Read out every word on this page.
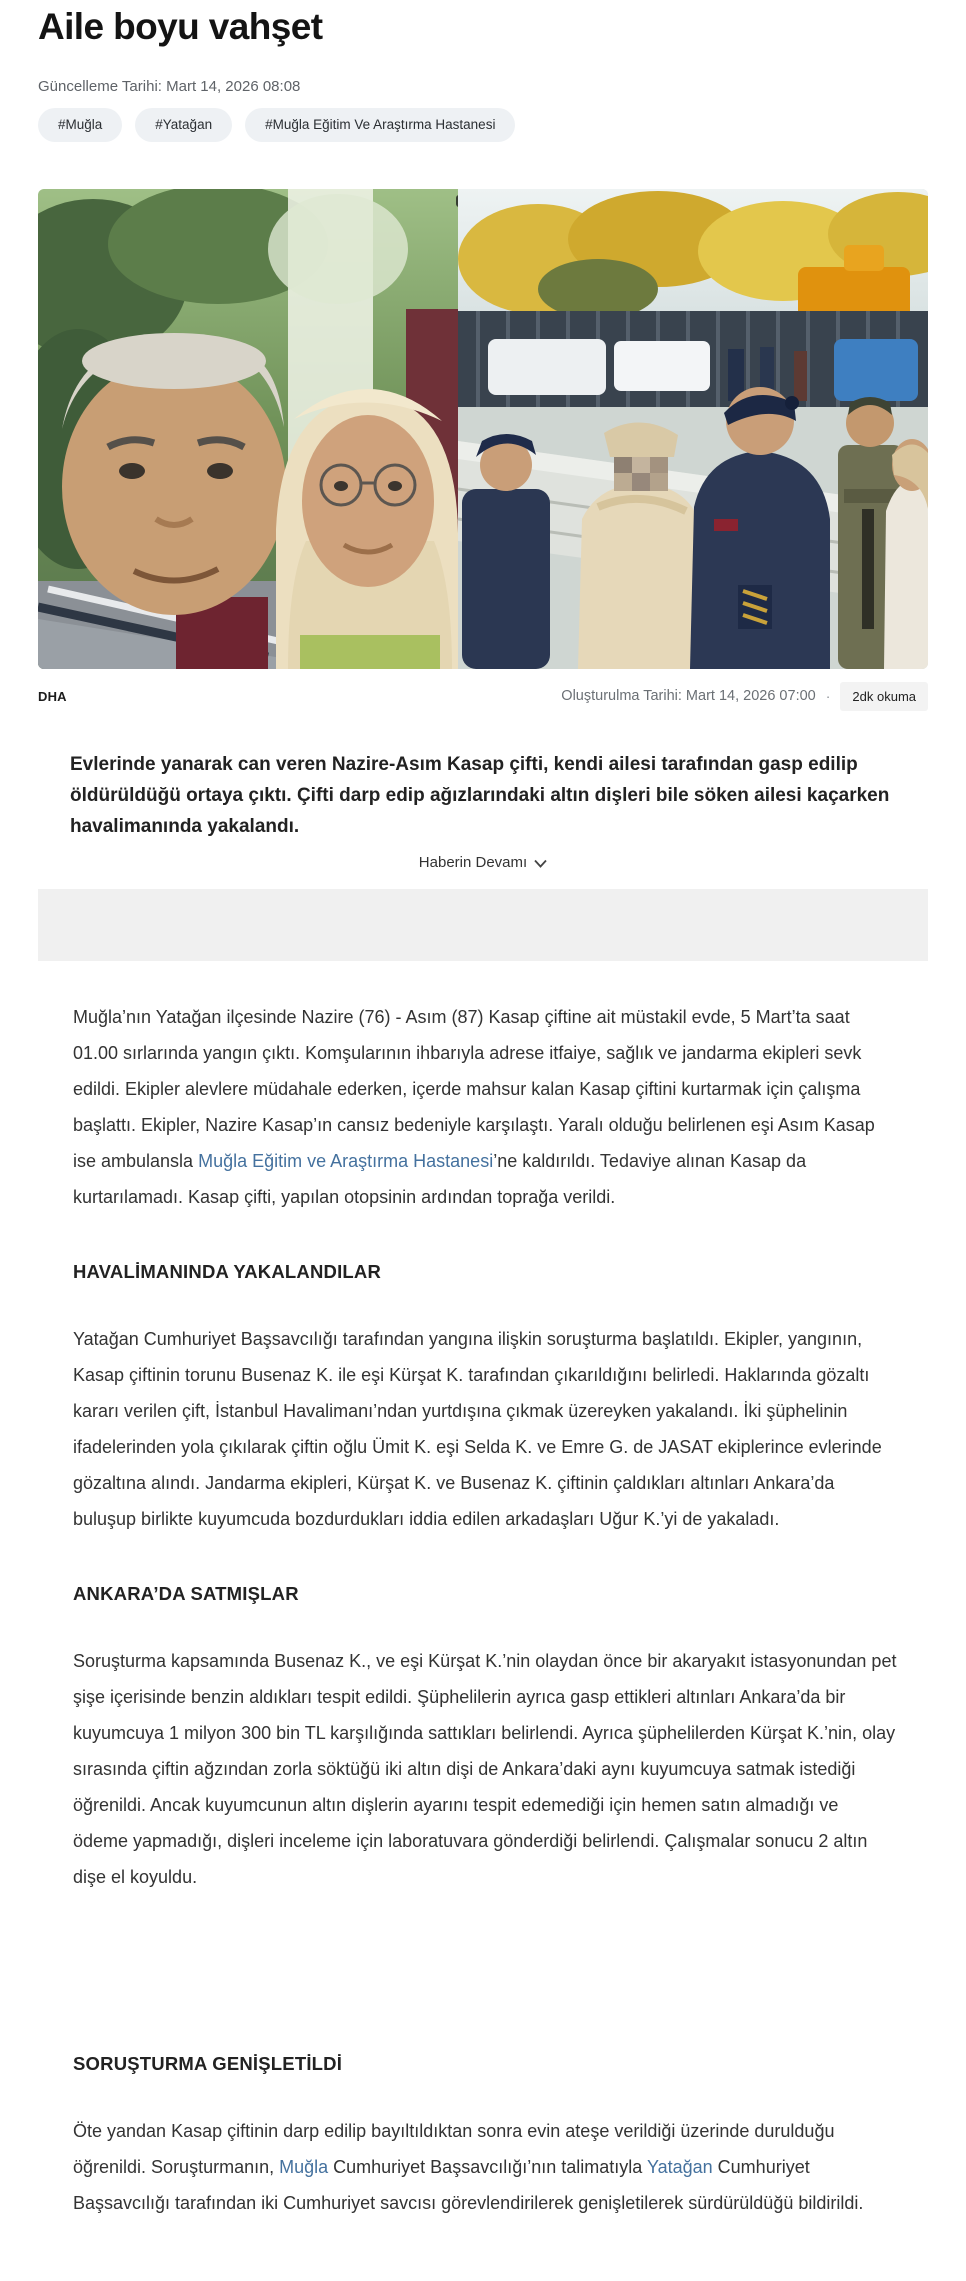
Aile boyu vahşet
Güncelleme Tarihi: Mart 14, 2026 08:08
#Muğla	#Yatağan	#Muğla Eğitim Ve Araştırma Hastanesi
DHA	Oluşturulma Tarihi: Mart 14, 2026 07:00 ·	2dk okuma

Evlerinde yanarak can veren Nazire-Asım Kasap çifti, kendi ailesi tarafından gasp edilip öldürüldüğü ortaya çıktı. Çifti darp edip ağızlarındaki altın dişleri bile söken ailesi kaçarken havalimanında yakalandı.

Haberin Devamı

Muğla’nın Yatağan ilçesinde Nazire (76) - Asım (87) Kasap çiftine ait müstakil evde, 5 Mart’ta saat 01.00 sırlarında yangın çıktı. Komşularının ihbarıyla adrese itfaiye, sağlık ve jandarma ekipleri sevk edildi. Ekipler alevlere müdahale ederken, içerde mahsur kalan Kasap çiftini kurtarmak için çalışma başlattı. Ekipler, Nazire Kasap’ın cansız bedeniyle karşılaştı. Yaralı olduğu belirlenen eşi Asım Kasap ise ambulansla Muğla Eğitim ve Araştırma Hastanesi’ne kaldırıldı. Tedaviye alınan Kasap da kurtarılamadı. Kasap çifti, yapılan otopsinin ardından toprağa verildi.

HAVALİMANINDA YAKALANDILAR

Yatağan Cumhuriyet Başsavcılığı tarafından yangına ilişkin soruşturma başlatıldı. Ekipler, yangının, Kasap çiftinin torunu Busenaz K. ile eşi Kürşat K. tarafından çıkarıldığını belirledi. Haklarında gözaltı kararı verilen çift, İstanbul Havalimanı’ndan yurtdışına çıkmak üzereyken yakalandı. İki şüphelinin ifadelerinden yola çıkılarak çiftin oğlu Ümit K. eşi Selda K. ve Emre G. de JASAT ekiplerince evlerinde gözaltına alındı. Jandarma ekipleri, Kürşat K. ve Busenaz K. çiftinin çaldıkları altınları Ankara’da buluşup birlikte kuyumcuda bozdurdukları iddia edilen arkadaşları Uğur K.’yi de yakaladı.

ANKARA’DA SATMIŞLAR

Soruşturma kapsamında Busenaz K., ve eşi Kürşat K.’nin olaydan önce bir akaryakıt istasyonundan pet şişe içerisinde benzin aldıkları tespit edildi. Şüphelilerin ayrıca gasp ettikleri altınları Ankara’da bir kuyumcuya 1 milyon 300 bin TL karşılığında sattıkları belirlendi. Ayrıca şüphelilerden Kürşat K.’nin, olay sırasında çiftin ağzından zorla söktüğü iki altın dişi de Ankara’daki aynı kuyumcuya satmak istediği öğrenildi. Ancak kuyumcunun altın dişlerin ayarını tespit edemediği için hemen satın almadığı ve ödeme yapmadığı, dişleri inceleme için laboratuvara gönderdiği belirlendi. Çalışmalar sonucu 2 altın dişe el koyuldu.

SORUŞTURMA GENİŞLETİLDİ

Öte yandan Kasap çiftinin darp edilip bayıltıldıktan sonra evin ateşe verildiği üzerinde durulduğu öğrenildi. Soruşturmanın, Muğla Cumhuriyet Başsavcılığı’nın talimatıyla Yatağan Cumhuriyet Başsavcılığı tarafından iki Cumhuriyet savcısı görevlendirilerek genişletilerek sürdürüldüğü bildirildi.
